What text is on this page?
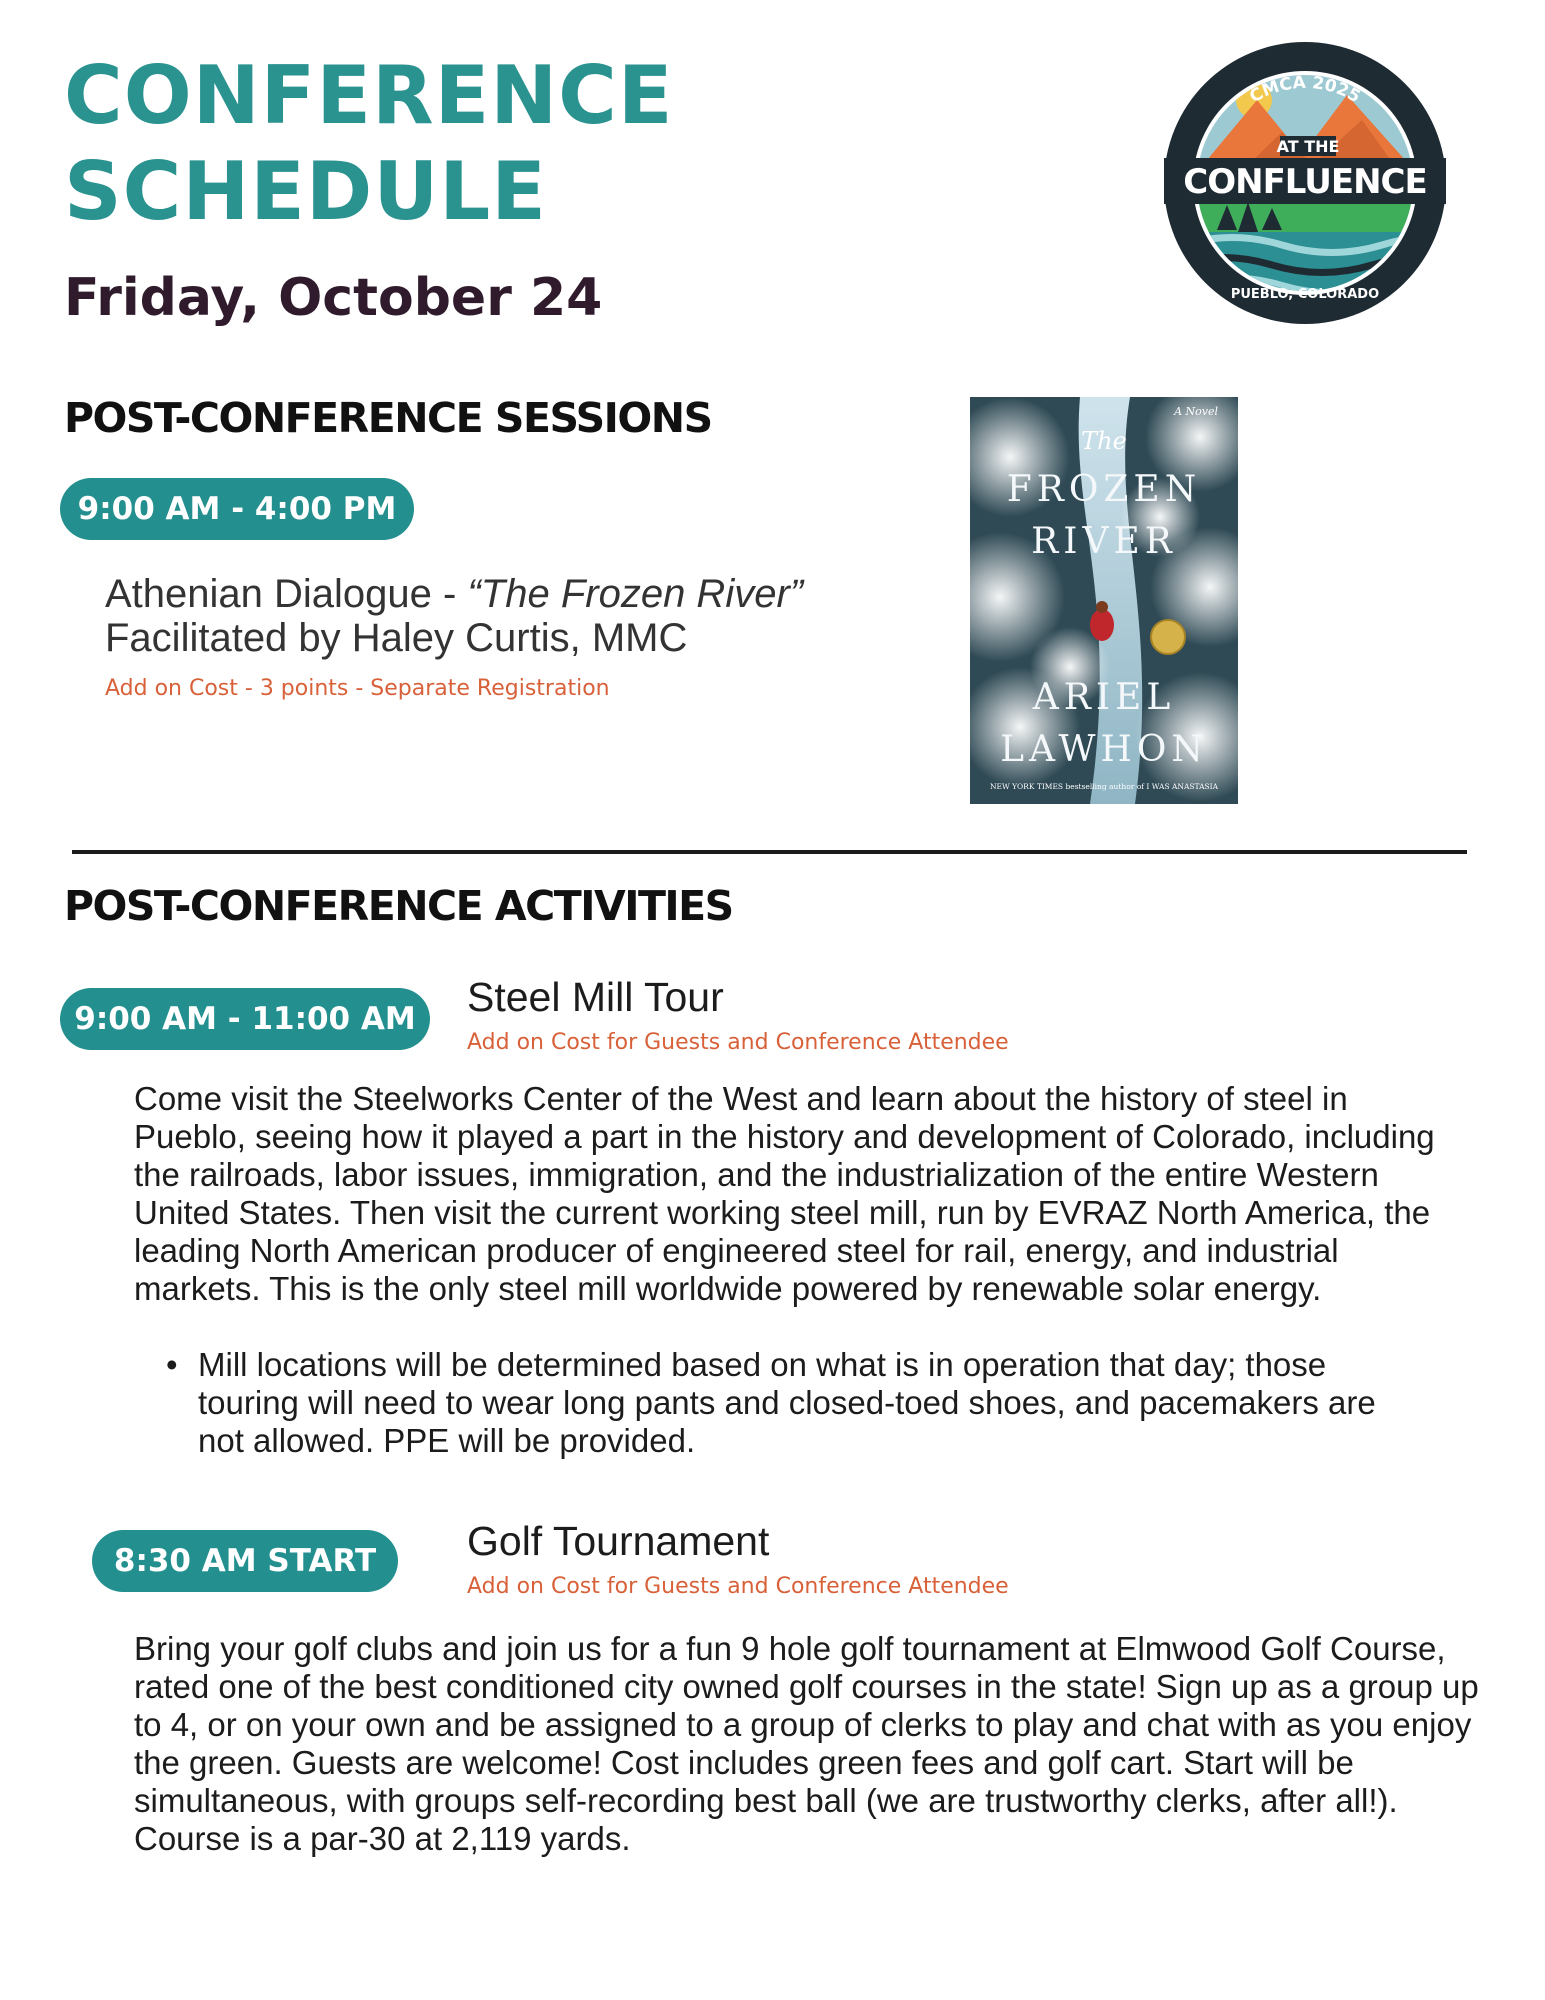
CONFERENCE
SCHEDULE
Friday, October 24
AT THE
CONFLUENCE
CMCA 2025
PUEBLO, COLORADO
POST-CONFERENCE SESSIONS
9:00 AM - 4:00 PM
Athenian Dialogue - “The Frozen River”
Facilitated by Haley Curtis, MMC
Add on Cost - 3 points - Separate Registration
A Novel
The
FROZEN
RIVER
ARIEL
LAWHON
NEW YORK TIMES bestselling author of I WAS ANASTASIA
POST-CONFERENCE ACTIVITIES
9:00 AM - 11:00 AM	Steel Mill Tour
Add on Cost for Guests and Conference Attendee
Come visit the Steelworks Center of the West and learn about the history of steel in Pueblo, seeing how it played a part in the history and development of Colorado, including the railroads, labor issues, immigration, and the industrialization of the entire Western United States. Then visit the current working steel mill, run by EVRAZ North America, the leading North American producer of engineered steel for rail, energy, and industrial markets. This is the only steel mill worldwide powered by renewable solar energy.
• Mill locations will be determined based on what is in operation that day; those touring will need to wear long pants and closed-toed shoes, and pacemakers are not allowed. PPE will be provided.
8:30 AM START	Golf Tournament
Add on Cost for Guests and Conference Attendee
Bring your golf clubs and join us for a fun 9 hole golf tournament at Elmwood Golf Course, rated one of the best conditioned city owned golf courses in the state! Sign up as a group up to 4, or on your own and be assigned to a group of clerks to play and chat with as you enjoy the green. Guests are welcome! Cost includes green fees and golf cart. Start will be simultaneous, with groups self-recording best ball (we are trustworthy clerks, after all!). Course is a par-30 at 2,119 yards.
